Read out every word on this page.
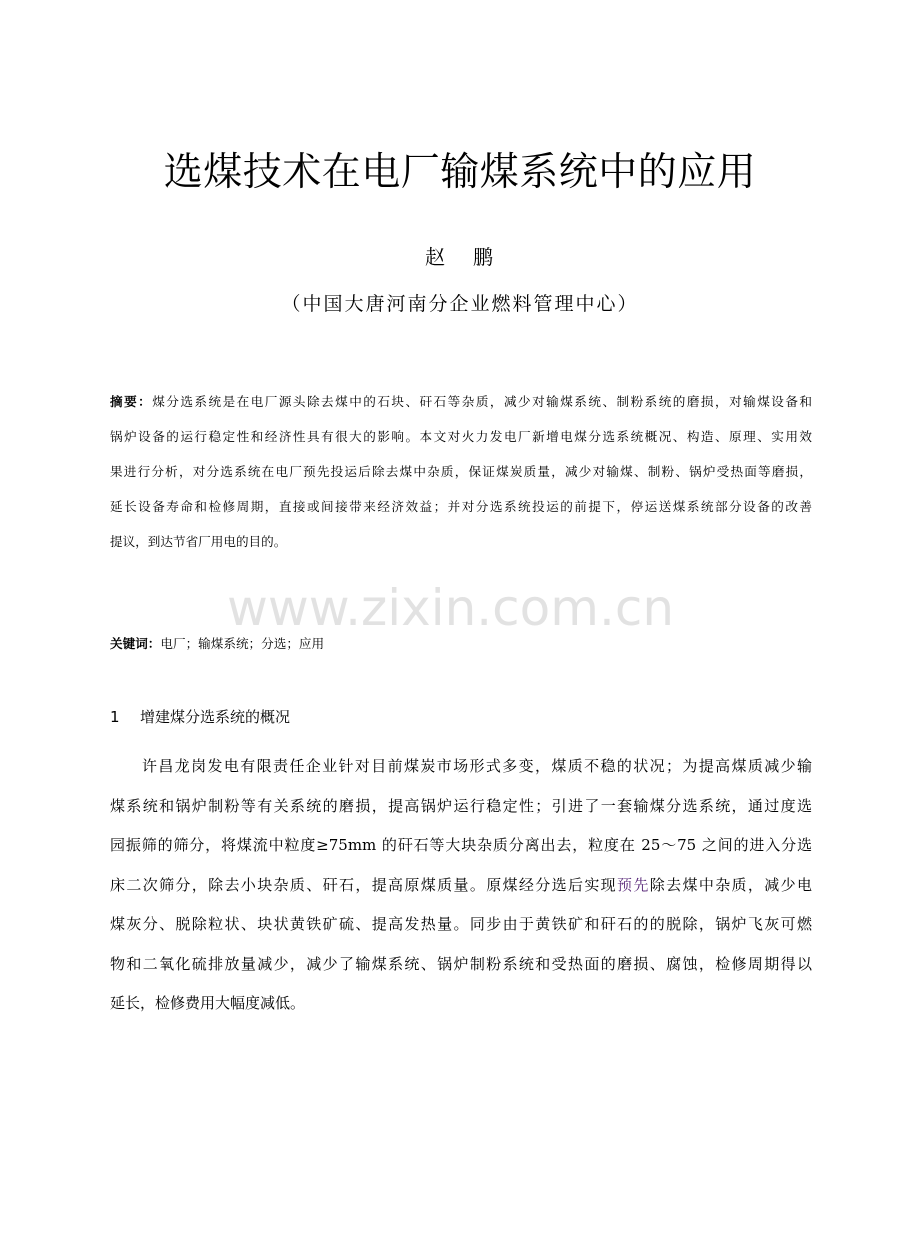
选煤技术在电厂输煤系统中的应用
赵 鹏
（中国大唐河南分企业燃料管理中心）
摘要：煤分选系统是在电厂源头除去煤中的石块、矸石等杂质，减少对输煤系统、制粉系统的磨损，对输煤设备和
锅炉设备的运行稳定性和经济性具有很大的影响。本文对火力发电厂新增电煤分选系统概况、构造、原理、实用效
果进行分析，对分选系统在电厂预先投运后除去煤中杂质，保证煤炭质量，减少对输煤、制粉、锅炉受热面等磨损，
延长设备寿命和检修周期，直接或间接带来经济效益；并对分选系统投运的前提下，停运送煤系统部分设备的改善
提议，到达节省厂用电的目的。
关键词：电厂；输煤系统；分选；应用
1 增建煤分选系统的概况
许昌龙岗发电有限责任企业针对目前煤炭市场形式多变，煤质不稳的状况；为提高煤质减少输
煤系统和锅炉制粉等有关系统的磨损，提高锅炉运行稳定性；引进了一套输煤分选系统，通过度选
园振筛的筛分，将煤流中粒度≥75mm 的矸石等大块杂质分离出去，粒度在 25～75 之间的进入分选
床二次筛分，除去小块杂质、矸石，提高原煤质量。原煤经分选后实现预先除去煤中杂质，减少电
煤灰分、脱除粒状、块状黄铁矿硫、提高发热量。同步由于黄铁矿和矸石的的脱除，锅炉飞灰可燃
物和二氧化硫排放量减少，减少了输煤系统、锅炉制粉系统和受热面的磨损、腐蚀，检修周期得以
延长，检修费用大幅度减低。
www.zixin.com.cn
